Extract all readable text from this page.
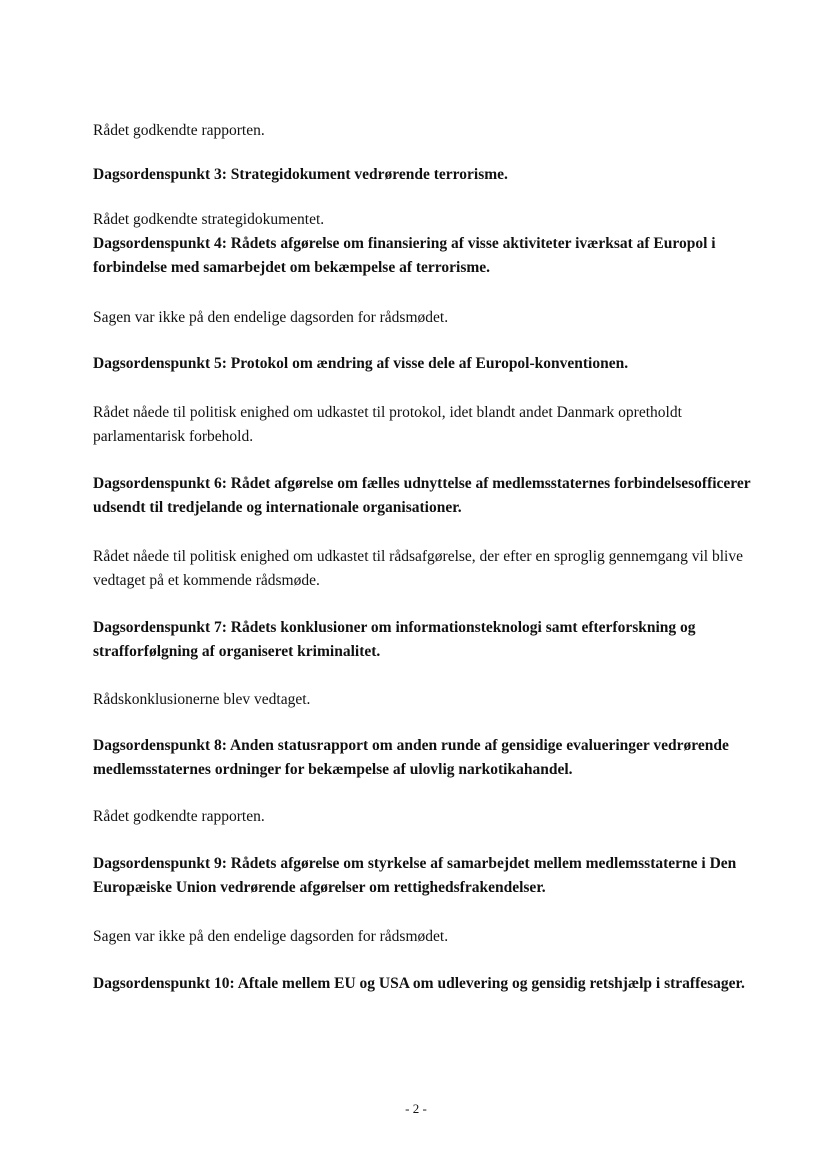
Rådet godkendte rapporten.
Dagsordenspunkt 3: Strategidokument vedrørende terrorisme.
Rådet godkendte strategidokumentet.
Dagsordenspunkt 4: Rådets afgørelse om finansiering af visse aktiviteter iværksat af Europol i forbindelse med samarbejdet om bekæmpelse af terrorisme.
Sagen var ikke på den endelige dagsorden for rådsmødet.
Dagsordenspunkt 5: Protokol om ændring af visse dele af Europol-konventionen.
Rådet nåede til politisk enighed om udkastet til protokol, idet blandt andet Danmark opretholdt parlamentarisk forbehold.
Dagsordenspunkt 6: Rådet afgørelse om fælles udnyttelse af medlemsstaternes forbindelsesofficerer udsendt til tredjelande og internationale organisationer.
Rådet nåede til politisk enighed om udkastet til rådsafgørelse, der efter en sproglig gennemgang vil blive vedtaget på et kommende rådsmøde.
Dagsordenspunkt 7: Rådets konklusioner om informationsteknologi samt efterforskning og strafforfølgning af organiseret kriminalitet.
Rådskonklusionerne blev vedtaget.
Dagsordenspunkt 8: Anden statusrapport om anden runde af gensidige evalueringer vedrørende medlemsstaternes ordninger for bekæmpelse af ulovlig narkotikahandel.
Rådet godkendte rapporten.
Dagsordenspunkt 9: Rådets afgørelse om styrkelse af samarbejdet mellem medlemsstaterne i Den Europæiske Union vedrørende afgørelser om rettighedsfrakendelser.
Sagen var ikke på den endelige dagsorden for rådsmødet.
Dagsordenspunkt 10: Aftale mellem EU og USA om udlevering og gensidig retshjælp i straffesager.
- 2 -
